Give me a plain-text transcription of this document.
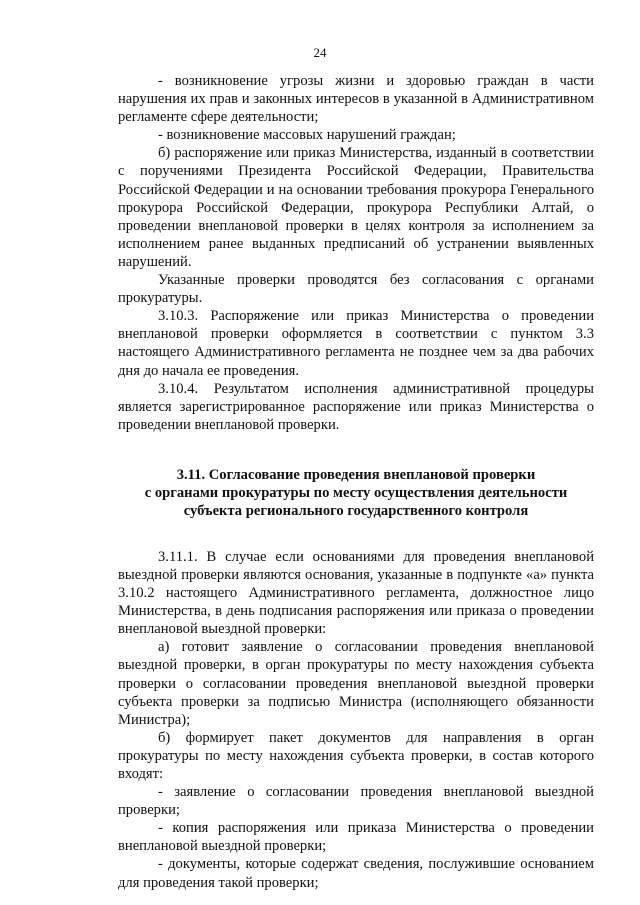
24

- возникновение угрозы жизни и здоровью граждан в части нарушения их прав и законных интересов в указанной в Административном регламенте сфере деятельности;

- возникновение массовых нарушений граждан;

б) распоряжение или приказ Министерства, изданный в соответствии с поручениями Президента Российской Федерации, Правительства Российской Федерации и на основании требования прокурора Генерального прокурора Российской Федерации, прокурора Республики Алтай, о проведении внеплановой проверки в целях контроля за исполнением за исполнением ранее выданных предписаний об устранении выявленных нарушений.

Указанные проверки проводятся без согласования с органами прокуратуры.

3.10.3. Распоряжение или приказ Министерства о проведении внеплановой проверки оформляется в соответствии с пунктом 3.3 настоящего Административного регламента не позднее чем за два рабочих дня до начала ее проведения.

3.10.4. Результатом исполнения административной процедуры является зарегистрированное распоряжение или приказ Министерства о проведении внеплановой проверки.

3.11. Согласование проведения внеплановой проверки

с органами прокуратуры по месту осуществления деятельности

субъекта регионального государственного контроля

3.11.1. В случае если основаниями для проведения внеплановой выездной проверки являются основания, указанные в подпункте «а» пункта 3.10.2 настоящего Административного регламента, должностное лицо Министерства, в день подписания распоряжения или приказа о проведении внеплановой выездной проверки:

а) готовит заявление о согласовании проведения внеплановой выездной проверки, в орган прокуратуры по месту нахождения субъекта проверки о согласовании проведения внеплановой выездной проверки субъекта проверки за подписью Министра (исполняющего обязанности Министра);

б) формирует пакет документов для направления в орган прокуратуры по месту нахождения субъекта проверки, в состав которого входят:

- заявление о согласовании проведения внеплановой выездной проверки;

- копия распоряжения или приказа Министерства о проведении внеплановой выездной проверки;

- документы, которые содержат сведения, послужившие основанием для проведения такой проверки;
